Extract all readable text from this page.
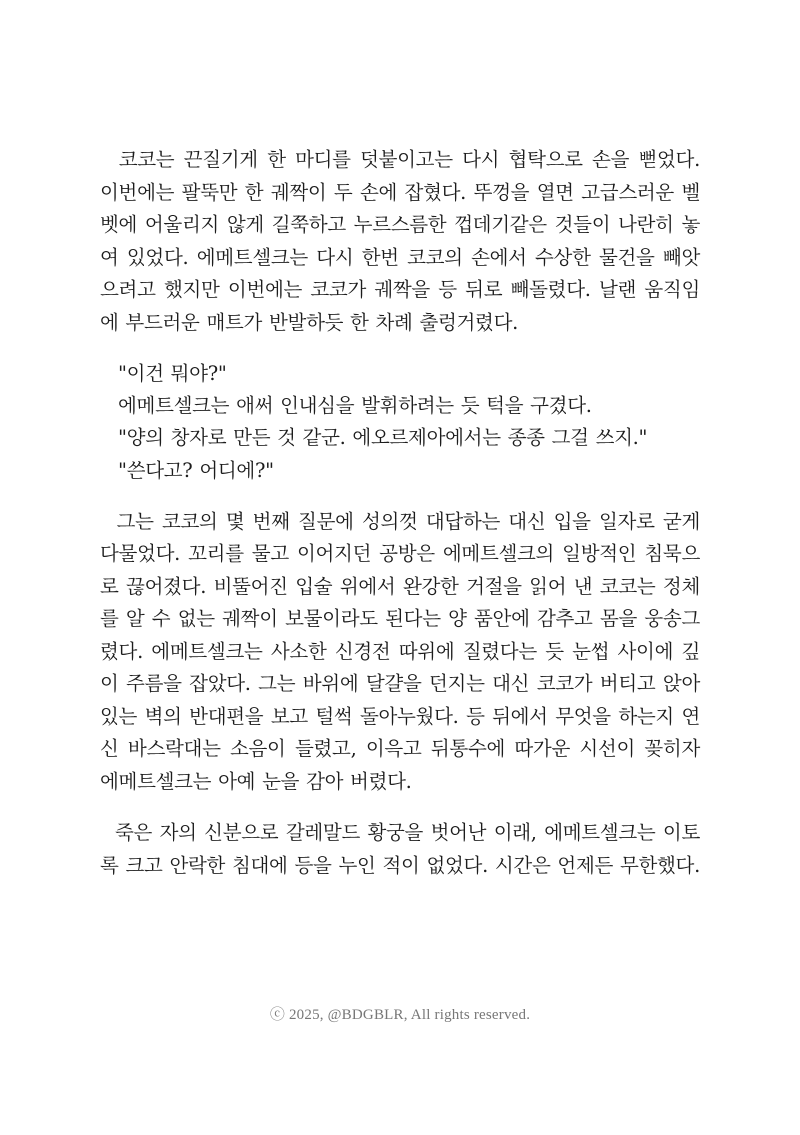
코코는 끈질기게 한 마디를 덧붙이고는 다시 협탁으로 손을 뻗었다.
이번에는 팔뚝만 한 궤짝이 두 손에 잡혔다. 뚜껑을 열면 고급스러운 벨
벳에 어울리지 않게 길쭉하고 누르스름한 껍데기같은 것들이 나란히 놓
여 있었다. 에메트셀크는 다시 한번 코코의 손에서 수상한 물건을 빼앗
으려고 했지만 이번에는 코코가 궤짝을 등 뒤로 빼돌렸다. 날랜 움직임
에 부드러운 매트가 반발하듯 한 차례 출렁거렸다.
"이건 뭐야?"
에메트셀크는 애써 인내심을 발휘하려는 듯 턱을 구겼다.
"양의 창자로 만든 것 같군. 에오르제아에서는 종종 그걸 쓰지."
"쓴다고? 어디에?"
그는 코코의 몇 번째 질문에 성의껏 대답하는 대신 입을 일자로 굳게
다물었다. 꼬리를 물고 이어지던 공방은 에메트셀크의 일방적인 침묵으
로 끊어졌다. 비뚤어진 입술 위에서 완강한 거절을 읽어 낸 코코는 정체
를 알 수 없는 궤짝이 보물이라도 된다는 양 품안에 감추고 몸을 웅송그
렸다. 에메트셀크는 사소한 신경전 따위에 질렸다는 듯 눈썹 사이에 깊
이 주름을 잡았다. 그는 바위에 달걀을 던지는 대신 코코가 버티고 앉아
있는 벽의 반대편을 보고 털썩 돌아누웠다. 등 뒤에서 무엇을 하는지 연
신 바스락대는 소음이 들렸고, 이윽고 뒤통수에 따가운 시선이 꽂히자
에메트셀크는 아예 눈을 감아 버렸다.
죽은 자의 신분으로 갈레말드 황궁을 벗어난 이래, 에메트셀크는 이토
록 크고 안락한 침대에 등을 누인 적이 없었다. 시간은 언제든 무한했다.
ⓒ 2025, @BDGBLR, All rights reserved.
